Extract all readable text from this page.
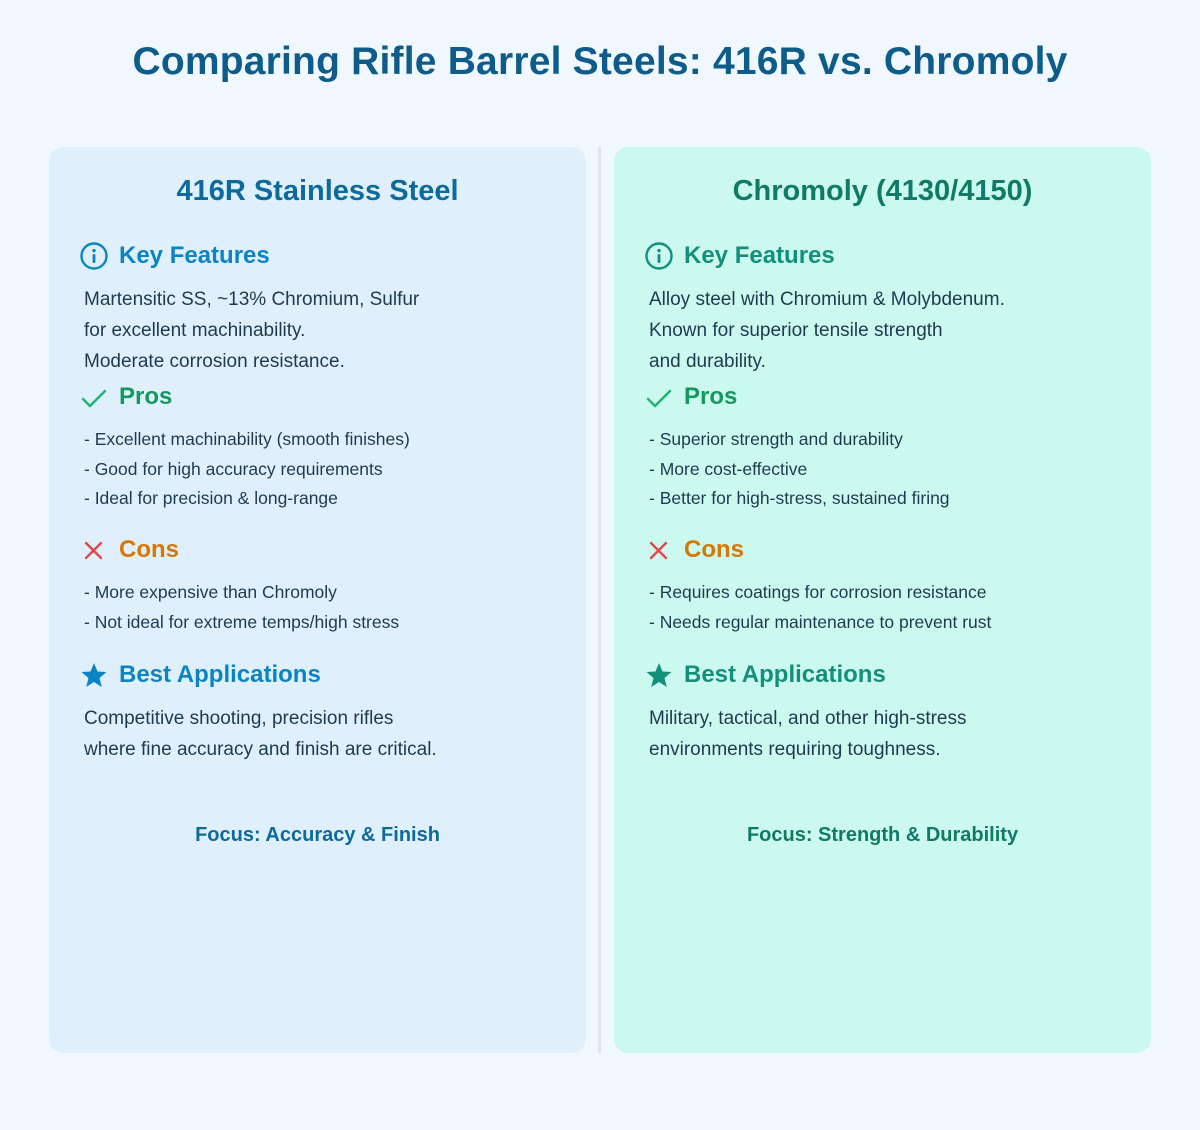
Comparing Rifle Barrel Steels: 416R vs. Chromoly
416R Stainless Steel
Key Features
Martensitic SS, ~13% Chromium, Sulfur
for excellent machinability.
Moderate corrosion resistance.
Pros
- Excellent machinability (smooth finishes)
- Good for high accuracy requirements
- Ideal for precision & long-range
Cons
- More expensive than Chromoly
- Not ideal for extreme temps/high stress
Best Applications
Competitive shooting, precision rifles
where fine accuracy and finish are critical.
Focus: Accuracy & Finish
Chromoly (4130/4150)
Key Features
Alloy steel with Chromium & Molybdenum.
Known for superior tensile strength
and durability.
Pros
- Superior strength and durability
- More cost-effective
- Better for high-stress, sustained firing
Cons
- Requires coatings for corrosion resistance
- Needs regular maintenance to prevent rust
Best Applications
Military, tactical, and other high-stress
environments requiring toughness.
Focus: Strength & Durability
